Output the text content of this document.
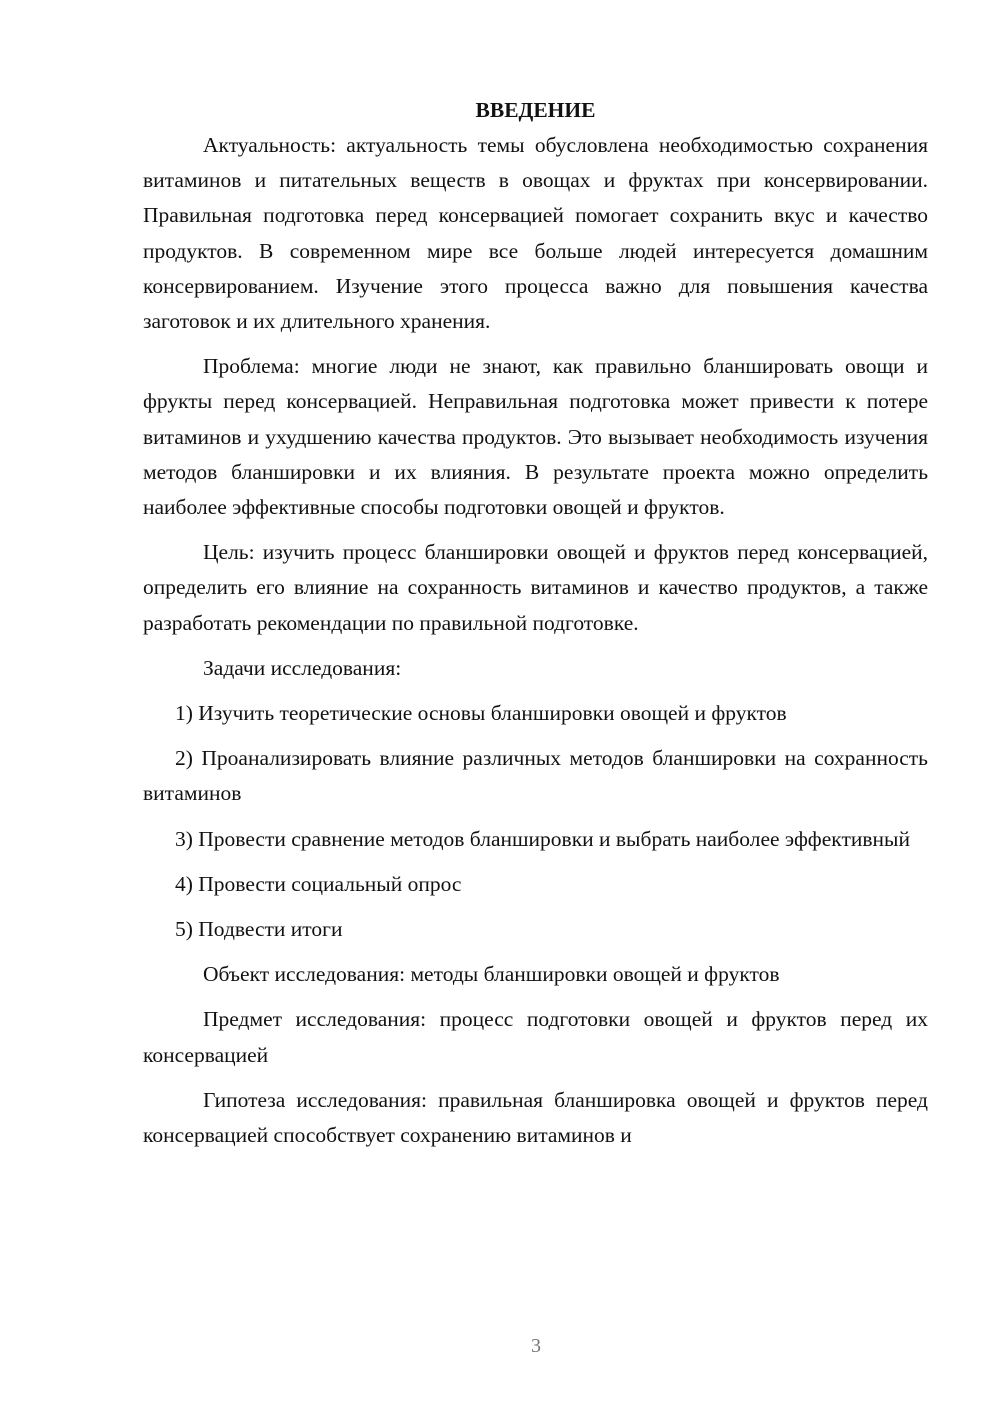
ВВЕДЕНИЕ

Актуальность: актуальность темы обусловлена необходимостью сохранения витаминов и питательных веществ в овощах и фруктах при консервировании. Правильная подготовка перед консервацией помогает сохранить вкус и качество продуктов. В современном мире все больше людей интересуется домашним консервированием. Изучение этого процесса важно для повышения качества заготовок и их длительного хранения.

Проблема: многие люди не знают, как правильно бланшировать овощи и фрукты перед консервацией. Неправильная подготовка может привести к потере витаминов и ухудшению качества продуктов. Это вызывает необходимость изучения методов бланшировки и их влияния. В результате проекта можно определить наиболее эффективные способы подготовки овощей и фруктов.

Цель: изучить процесс бланшировки овощей и фруктов перед консервацией, определить его влияние на сохранность витаминов и качество продуктов, а также разработать рекомендации по правильной подготовке.

Задачи исследования:

1) Изучить теоретические основы бланшировки овощей и фруктов

2) Проанализировать влияние различных методов бланшировки на сохранность витаминов

3) Провести сравнение методов бланшировки и выбрать наиболее эффективный

4) Провести социальный опрос

5) Подвести итоги

Объект исследования: методы бланшировки овощей и фруктов

Предмет исследования: процесс подготовки овощей и фруктов перед их консервацией

Гипотеза исследования: правильная бланшировка овощей и фруктов перед консервацией способствует сохранению витаминов и

3
